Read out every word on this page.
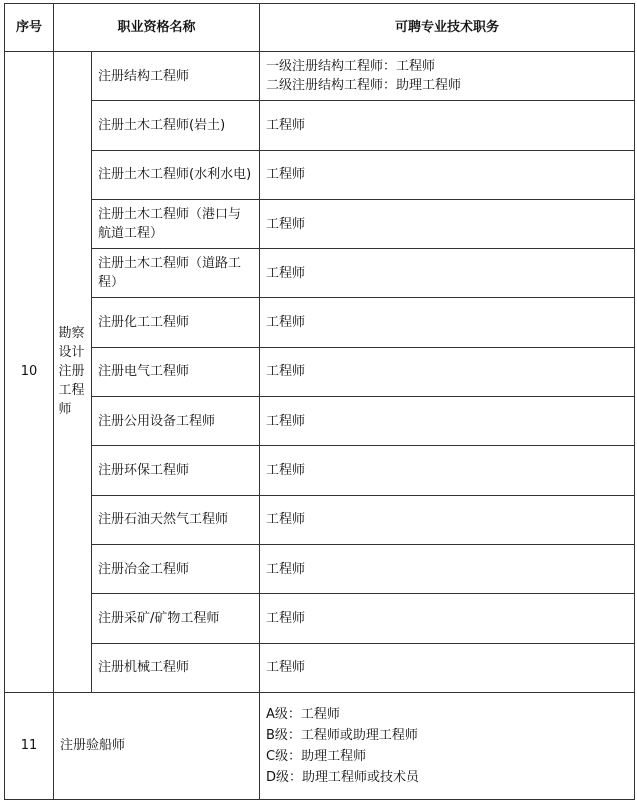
序号	职业资格名称		可聘专业技术职务
10	勘察设计注册工程师	注册结构工程师	一级注册结构工程师：工程师
二级注册结构工程师：助理工程师

		注册土木工程师(岩土)	工程师

		注册土木工程师(水利水电)	工程师

		注册土木工程师（港口与航道工程）	工程师

		注册土木工程师（道路工程）	工程师

		注册化工工程师	工程师

		注册电气工程师	工程师

		注册公用设备工程师	工程师

		注册环保工程师	工程师

		注册石油天然气工程师	工程师

		注册冶金工程师	工程师

		注册采矿/矿物工程师	工程师

		注册机械工程师	工程师

11	注册验船师		A级：工程师
B级：工程师或助理工程师
C级：助理工程师
D级：助理工程师或技术员
